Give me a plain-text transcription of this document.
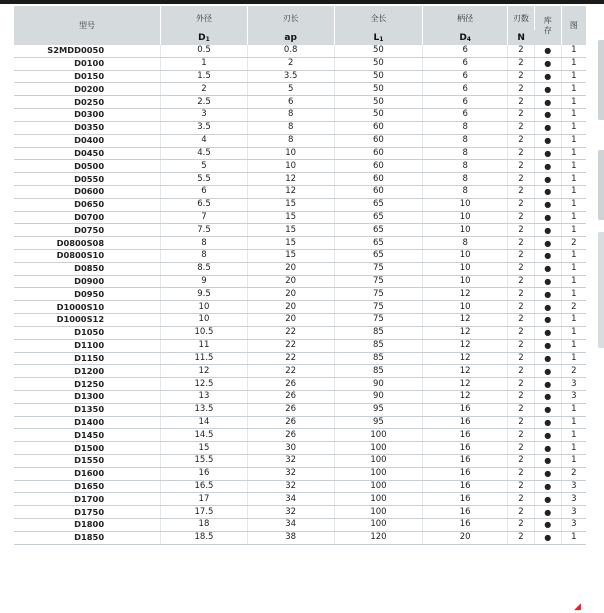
型号	外径	刃长	全长	柄径	刃数	库存	图
	D1	ap	L1	D4	N		
S2MDD0050	0.5	0.8	50	6	2	●	1
D0100	1	2	50	6	2	●	1
D0150	1.5	3.5	50	6	2	●	1
D0200	2	5	50	6	2	●	1
D0250	2.5	6	50	6	2	●	1
D0300	3	8	50	6	2	●	1
D0350	3.5	8	60	8	2	●	1
D0400	4	8	60	8	2	●	1
D0450	4.5	10	60	8	2	●	1
D0500	5	10	60	8	2	●	1
D0550	5.5	12	60	8	2	●	1
D0600	6	12	60	8	2	●	1
D0650	6.5	15	65	10	2	●	1
D0700	7	15	65	10	2	●	1
D0750	7.5	15	65	10	2	●	1
D0800S08	8	15	65	8	2	●	2
D0800S10	8	15	65	10	2	●	1
D0850	8.5	20	75	10	2	●	1
D0900	9	20	75	10	2	●	1
D0950	9.5	20	75	12	2	●	1
D1000S10	10	20	75	10	2	●	2
D1000S12	10	20	75	12	2	●	1
D1050	10.5	22	85	12	2	●	1
D1100	11	22	85	12	2	●	1
D1150	11.5	22	85	12	2	●	1
D1200	12	22	85	12	2	●	2
D1250	12.5	26	90	12	2	●	3
D1300	13	26	90	12	2	●	3
D1350	13.5	26	95	16	2	●	1
D1400	14	26	95	16	2	●	1
D1450	14.5	26	100	16	2	●	1
D1500	15	30	100	16	2	●	1
D1550	15.5	32	100	16	2	●	1
D1600	16	32	100	16	2	●	2
D1650	16.5	32	100	16	2	●	3
D1700	17	34	100	16	2	●	3
D1750	17.5	32	100	16	2	●	3
D1800	18	34	100	16	2	●	3
D1850	18.5	38	120	20	2	●	1
◢
